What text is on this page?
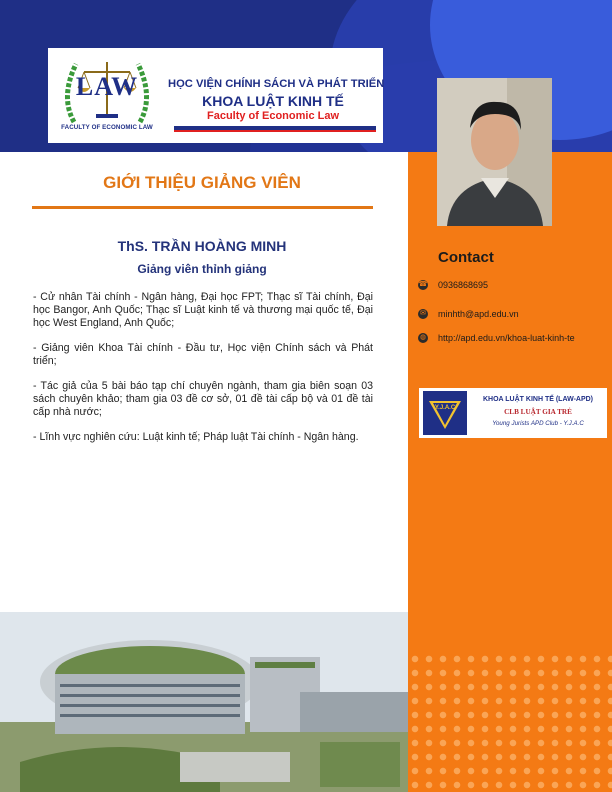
LAW
FACULTY OF ECONOMIC LAW
HỌC VIỆN CHÍNH SÁCH VÀ PHÁT TRIỂN
KHOA LUẬT KINH TẾ
Faculty of Economic Law
GIỚI THIỆU GIẢNG VIÊN
ThS. TRẦN HOÀNG MINH
Giảng viên thỉnh giảng

- Cử nhân Tài chính - Ngân hàng, Đại học FPT; Thạc sĩ Tài chính, Đại học Bangor, Anh Quốc; Thạc sĩ Luật kinh tế và thương mại quốc tế, Đại học West England, Anh Quốc;

- Giảng viên Khoa Tài chính - Đầu tư, Học viện Chính sách và Phát triển;

- Tác giả của 5 bài báo tạp chí chuyên ngành, tham gia biên soạn 03 sách chuyên khảo; tham gia 03 đề cơ sở, 01 đề tài cấp bộ và 01 đề tài cấp nhà nước;

- Lĩnh vực nghiên cứu: Luật kinh tế; Pháp luật Tài chính - Ngân hàng.

Contact
☎ 0936868695
✉ minhth@apd.edu.vn
◍ http://apd.edu.vn/khoa-luat-kinh-te
Y.J.A.C
KHOA LUẬT KINH TẾ (LAW-APD)
CLB LUẬT GIA TRẺ
Young Jurists APD Club - Y.J.A.C
